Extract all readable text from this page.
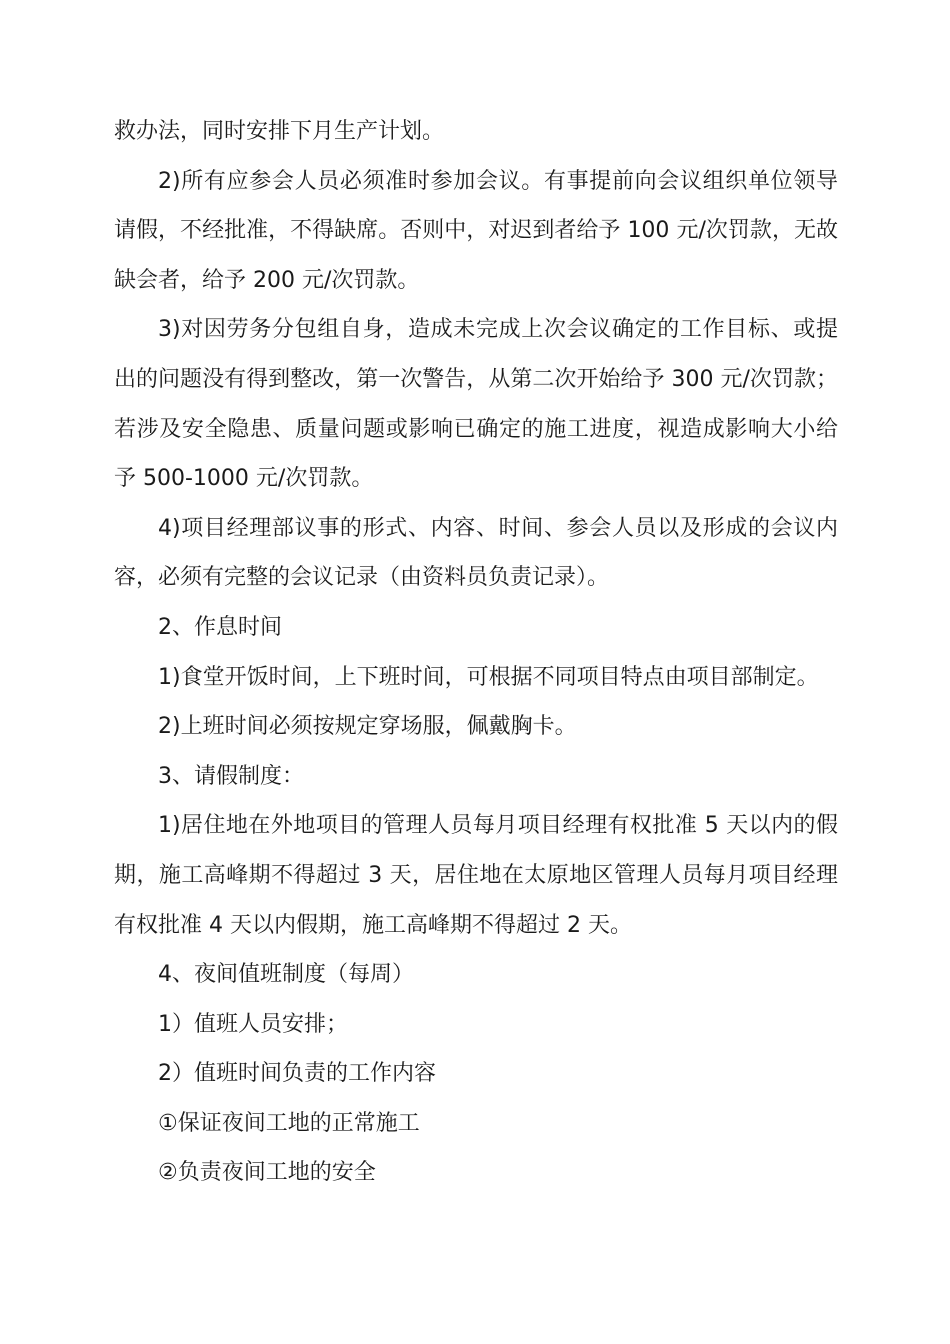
救办法，同时安排下月生产计划。

2)所有应参会人员必须准时参加会议。有事提前向会议组织单位领导请假，不经批准，不得缺席。否则中，对迟到者给予 100 元/次罚款，无故缺会者，给予 200 元/次罚款。

3)对因劳务分包组自身，造成未完成上次会议确定的工作目标、或提出的问题没有得到整改，第一次警告，从第二次开始给予 300 元/次罚款；若涉及安全隐患、质量问题或影响已确定的施工进度，视造成影响大小给予 500-1000 元/次罚款。

4)项目经理部议事的形式、内容、时间、参会人员以及形成的会议内容，必须有完整的会议记录（由资料员负责记录）。

2、作息时间

1)食堂开饭时间，上下班时间，可根据不同项目特点由项目部制定。

2)上班时间必须按规定穿场服，佩戴胸卡。

3、请假制度：

1)居住地在外地项目的管理人员每月项目经理有权批准 5 天以内的假期，施工高峰期不得超过 3 天，居住地在太原地区管理人员每月项目经理有权批准 4 天以内假期，施工高峰期不得超过 2 天。

4、夜间值班制度（每周）

1）值班人员安排；

2）值班时间负责的工作内容

①保证夜间工地的正常施工

②负责夜间工地的安全
